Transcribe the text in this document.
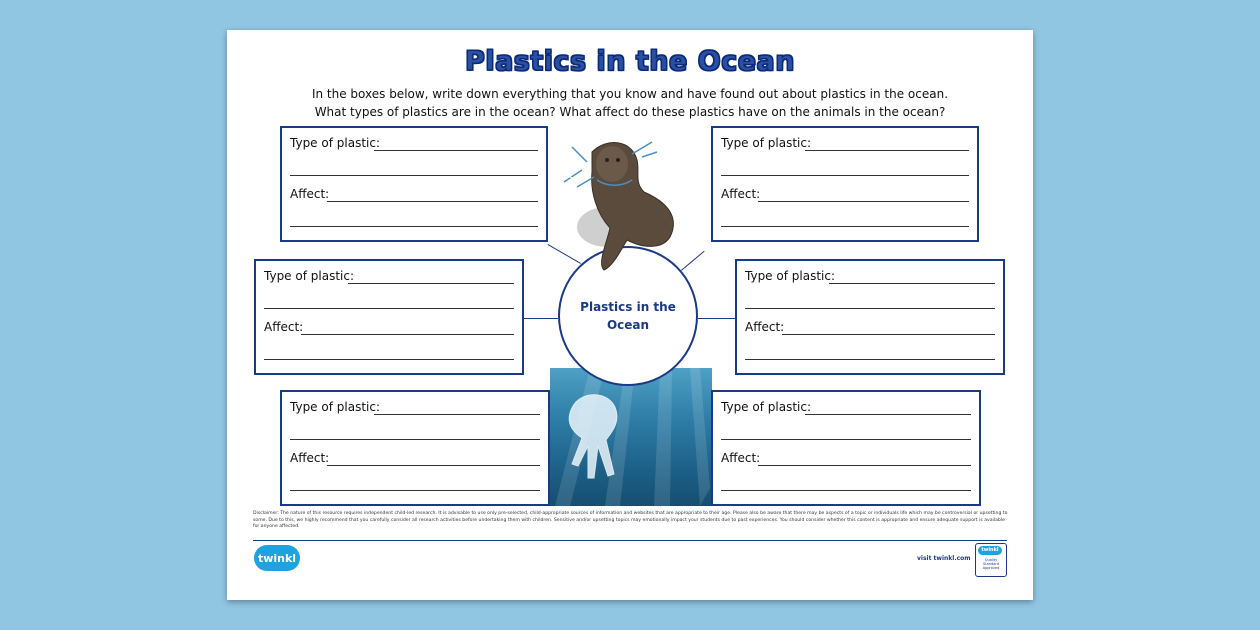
Plastics in the Ocean
In the boxes below, write down everything that you know and have found out about plastics in the ocean.
What types of plastics are in the ocean? What affect do these plastics have on the animals in the ocean?
Plastics in the
Ocean
Type of plastic:
Affect:
Type of plastic:
Affect:
Type of plastic:
Affect:
Type of plastic:
Affect:
Type of plastic:
Affect:
Type of plastic:
Affect:
Disclaimer: The nature of this resource requires independent child-led research. It is advisable to use only pre-selected, child-appropriate sources of information and websites that are appropriate to their age. Please also be aware that there may be aspects of a topic or individuals life which may be controversial or upsetting to some. Due to this, we highly recommend that you carefully consider all research activities before undertaking them with children. Sensitive and/or upsetting topics may emotionally impact your students due to past experiences. You should consider whether this content is appropriate and ensure adequate support is available for anyone affected.
twinkl	visit twinkl.com
twinkl
Quality Standard Approved
